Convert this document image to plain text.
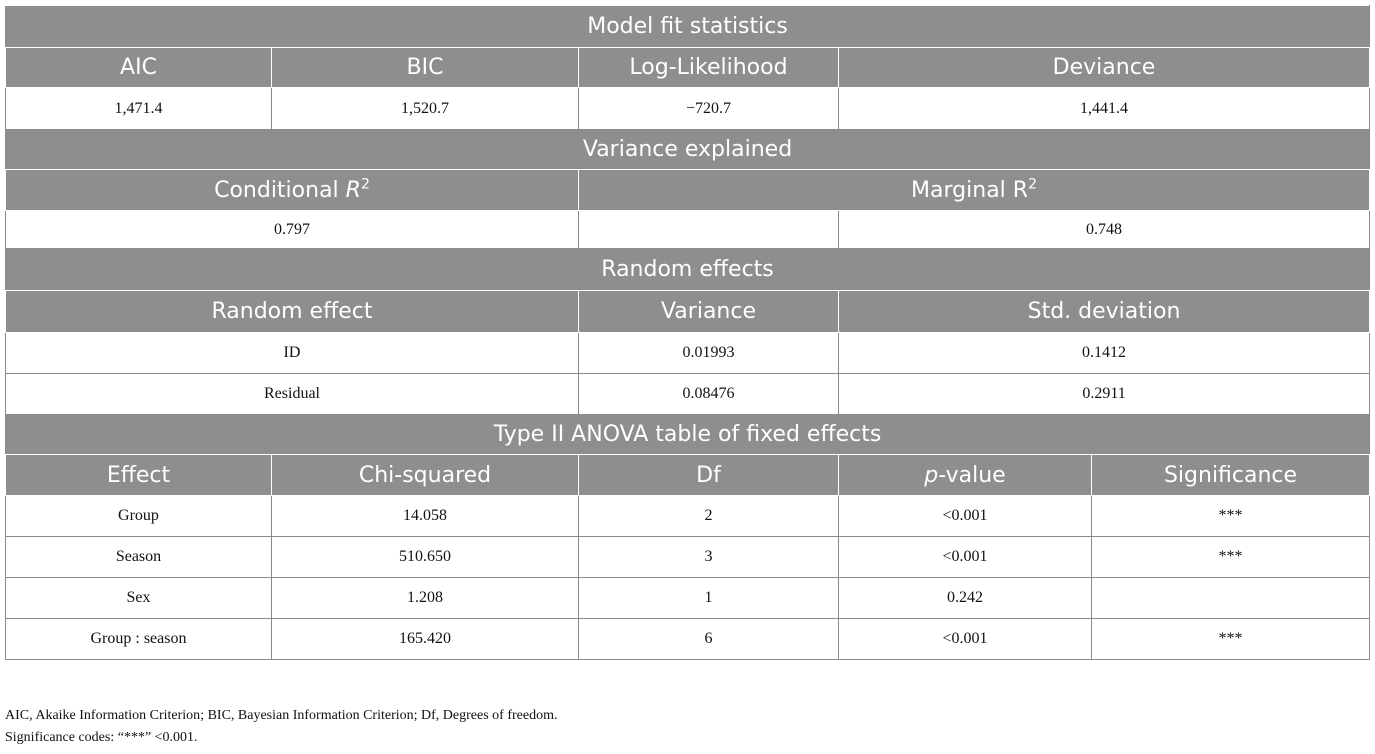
Model fit statistics				
AIC	BIC	Log-Likelihood	Deviance	
1,471.4	1,520.7	−720.7	1,441.4	
Variance explained				
Conditional $R^2$		Marginal $R^2$
0.797			0.748	
Random effects				
Random effect		Variance	Std. deviation	
ID		0.01993	0.1412	
Residual		0.08476	0.2911	
Type II ANOVA table of fixed effects				
Effect	Chi-squared	Df	p-value	Significance
Group	14.058	2	<0.001	***
Season	510.650	3	<0.001	***
Sex	1.208	1	0.242	
Group : season	165.420	6	<0.001	***
AIC, Akaike Information Criterion; BIC, Bayesian Information Criterion; Df, Degrees of freedom.
Significance codes: “***” <0.001.
